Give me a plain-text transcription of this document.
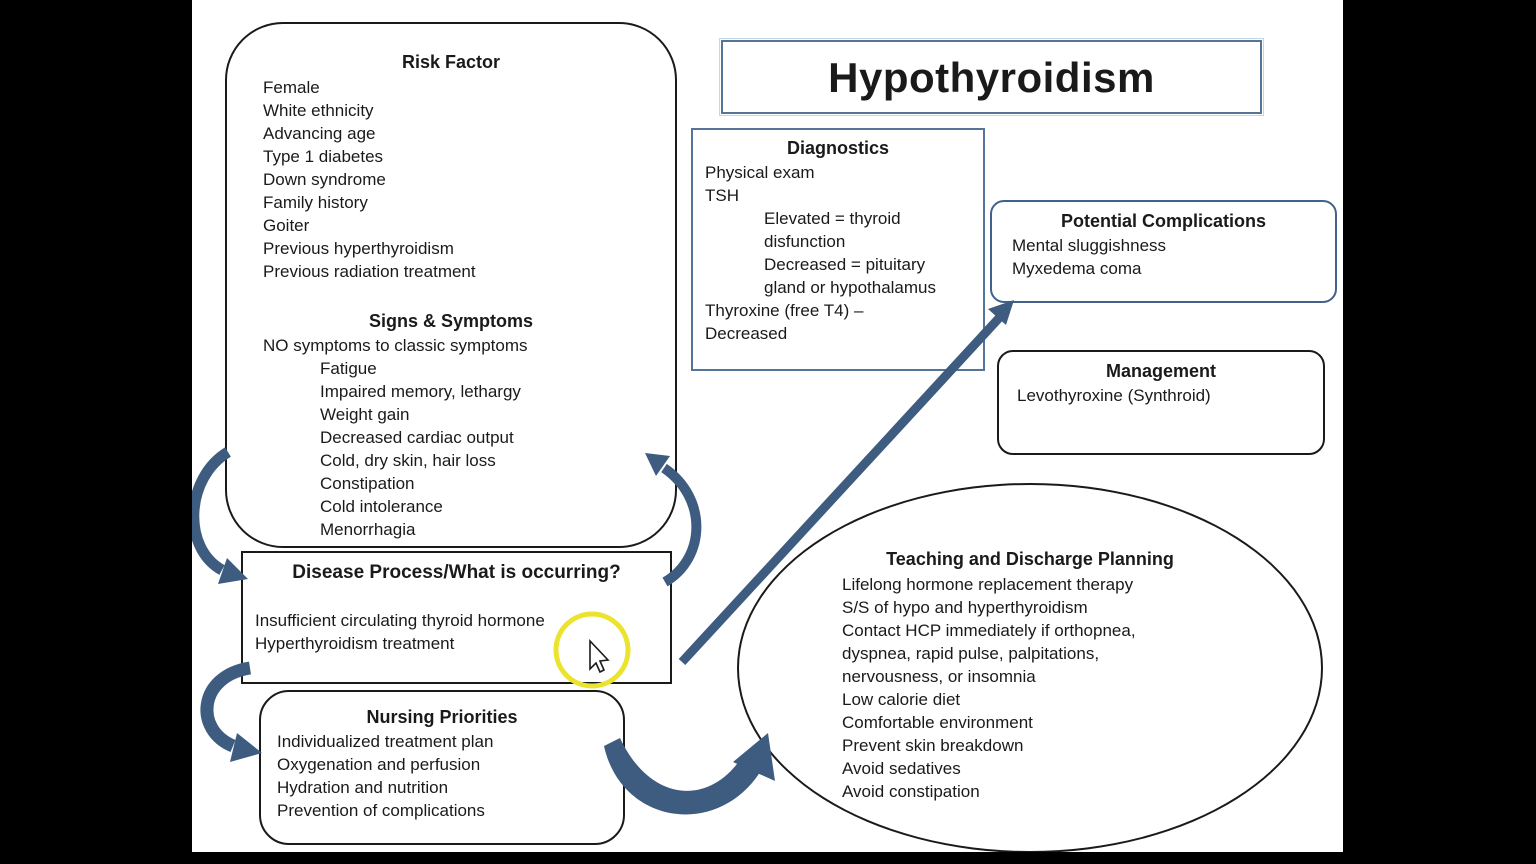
Risk Factor
Female
White ethnicity
Advancing age
Type 1 diabetes
Down syndrome
Family history
Goiter
Previous hyperthyroidism
Previous radiation treatment
Signs & Symptoms
NO symptoms to classic symptoms
Fatigue
Impaired memory, lethargy
Weight gain
Decreased cardiac output
Cold, dry skin, hair loss
Constipation
Cold intolerance
Menorrhagia
Hypothyroidism
Diagnostics
Physical exam
TSH
Elevated = thyroid
disfunction
Decreased = pituitary
gland or hypothalamus
Thyroxine (free T4) –
Decreased
Potential Complications
Mental sluggishness
Myxedema coma
Management
Levothyroxine (Synthroid)
Disease Process/What is occurring?
Insufficient circulating thyroid hormone
Hyperthyroidism treatment
Nursing Priorities
Individualized treatment plan
Oxygenation and perfusion
Hydration and nutrition
Prevention of complications
Teaching and Discharge Planning
Lifelong hormone replacement therapy
S/S of hypo and hyperthyroidism
Contact HCP immediately if orthopnea,
dyspnea, rapid pulse, palpitations,
nervousness, or insomnia
Low calorie diet
Comfortable environment
Prevent skin breakdown
Avoid sedatives
Avoid constipation
